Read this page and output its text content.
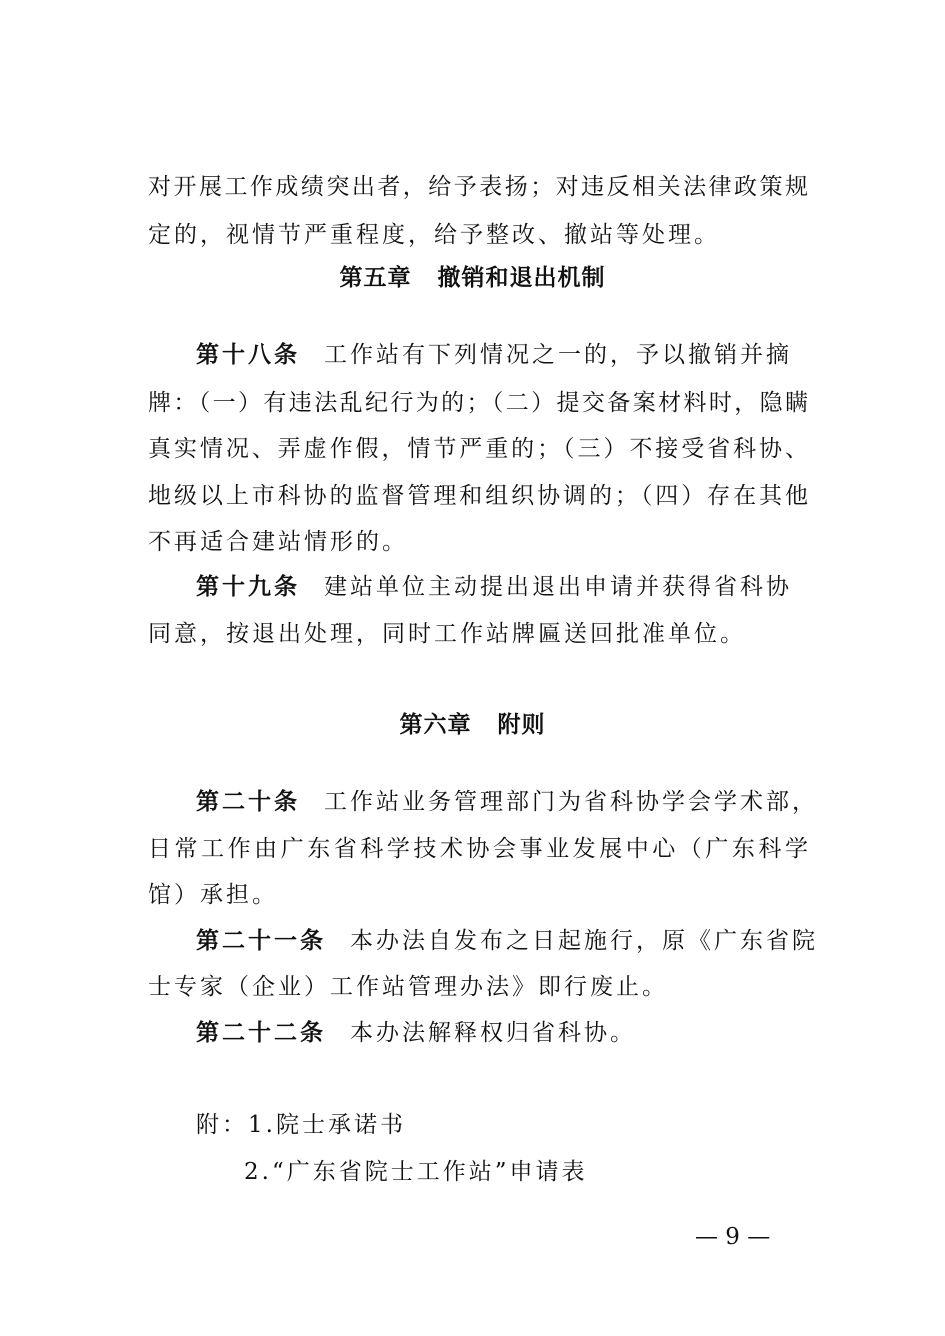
对开展工作成绩突出者，给予表扬；对违反相关法律政策规
定的，视情节严重程度，给予整改、撤站等处理。
第五章 撤销和退出机制
第十八条 工作站有下列情况之一的，予以撤销并摘
牌：（一）有违法乱纪行为的；（二）提交备案材料时，隐瞒
真实情况、弄虚作假，情节严重的；（三）不接受省科协、
地级以上市科协的监督管理和组织协调的；（四）存在其他
不再适合建站情形的。
第十九条 建站单位主动提出退出申请并获得省科协
同意，按退出处理，同时工作站牌匾送回批准单位。
第六章 附则
第二十条 工作站业务管理部门为省科协学会学术部，
日常工作由广东省科学技术协会事业发展中心（广东科学
馆）承担。
第二十一条 本办法自发布之日起施行，原《广东省院
士专家（企业）工作站管理办法》即行废止。
第二十二条 本办法解释权归省科协。
附：1.院士承诺书
2.“广东省院士工作站”申请表
— 9 —
